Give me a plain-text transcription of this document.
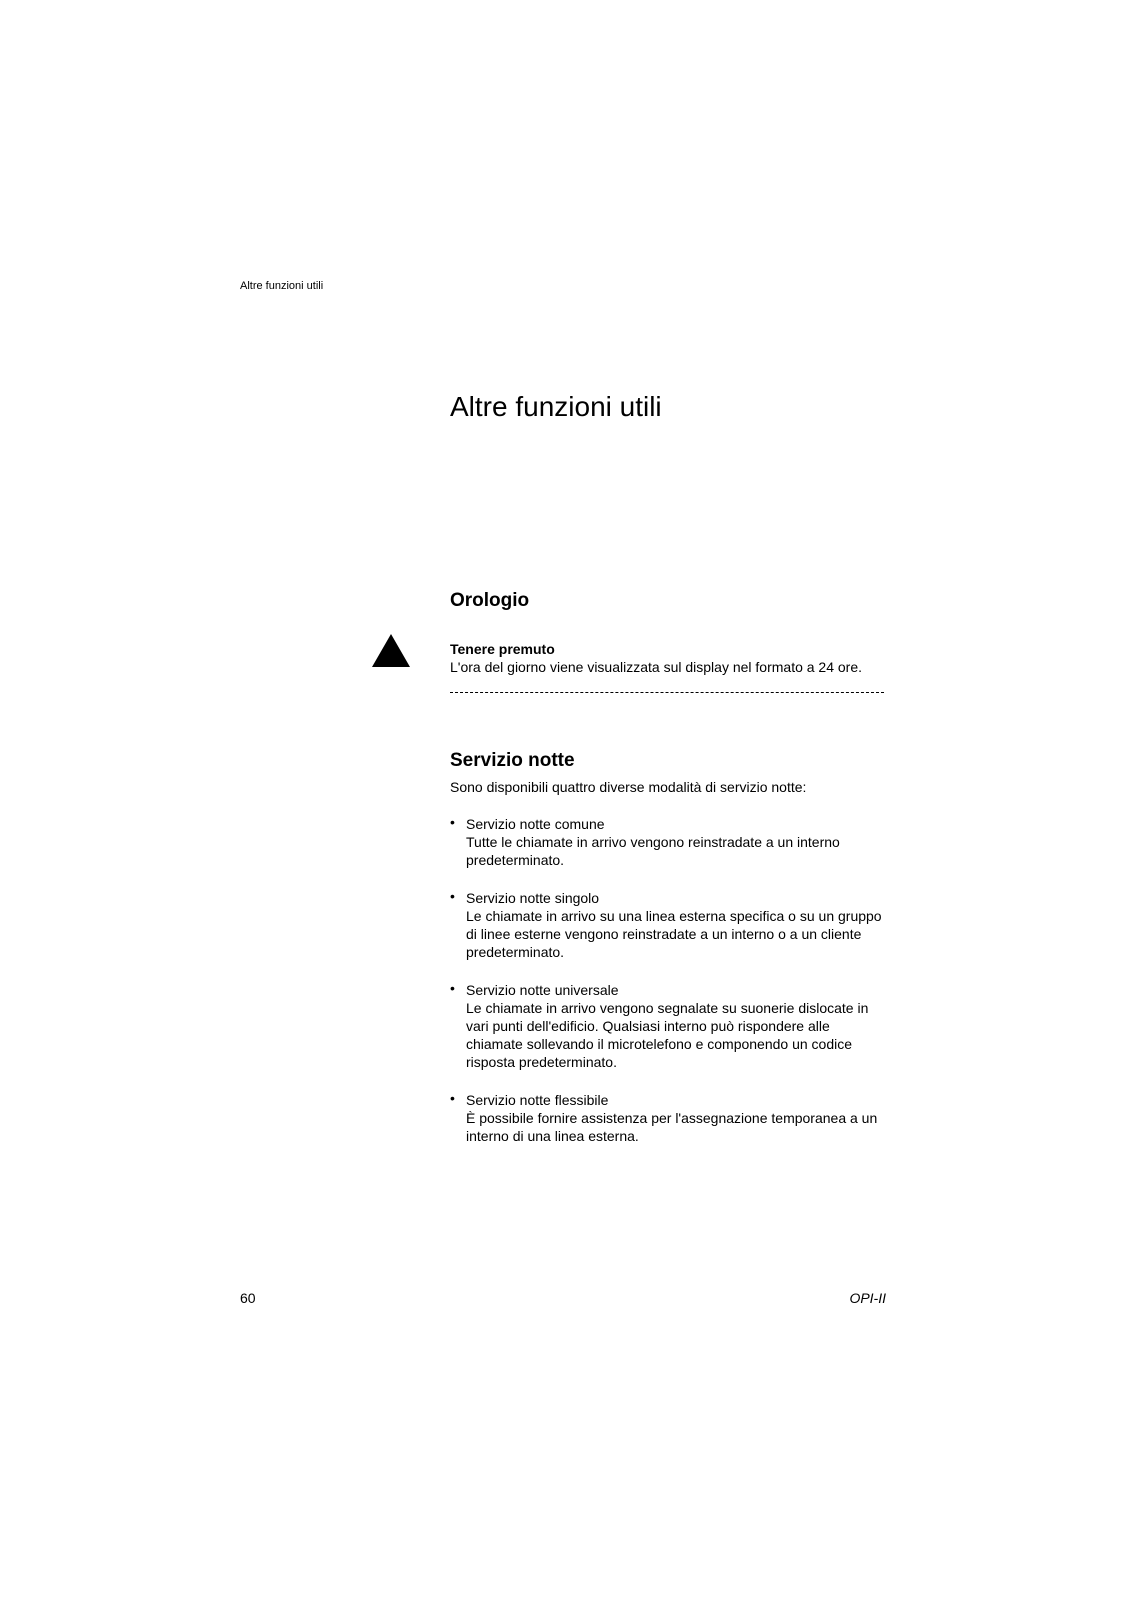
Altre funzioni utili
Altre funzioni utili
Orologio
Tenere premuto
L'ora del giorno viene visualizzata sul display nel formato a 24 ore.
Servizio notte
Sono disponibili quattro diverse modalità di servizio notte:
• Servizio notte comune
Tutte le chiamate in arrivo vengono reinstradate a un interno predeterminato.
• Servizio notte singolo
Le chiamate in arrivo su una linea esterna specifica o su un gruppo di linee esterne vengono reinstradate a un interno o a un cliente predeterminato.
• Servizio notte universale
Le chiamate in arrivo vengono segnalate su suonerie dislocate in vari punti dell'edificio. Qualsiasi interno può rispondere alle chiamate sollevando il microtelefono e componendo un codice risposta predeterminato.
• Servizio notte flessibile
È possibile fornire assistenza per l'assegnazione temporanea a un interno di una linea esterna.
60	OPI-II
